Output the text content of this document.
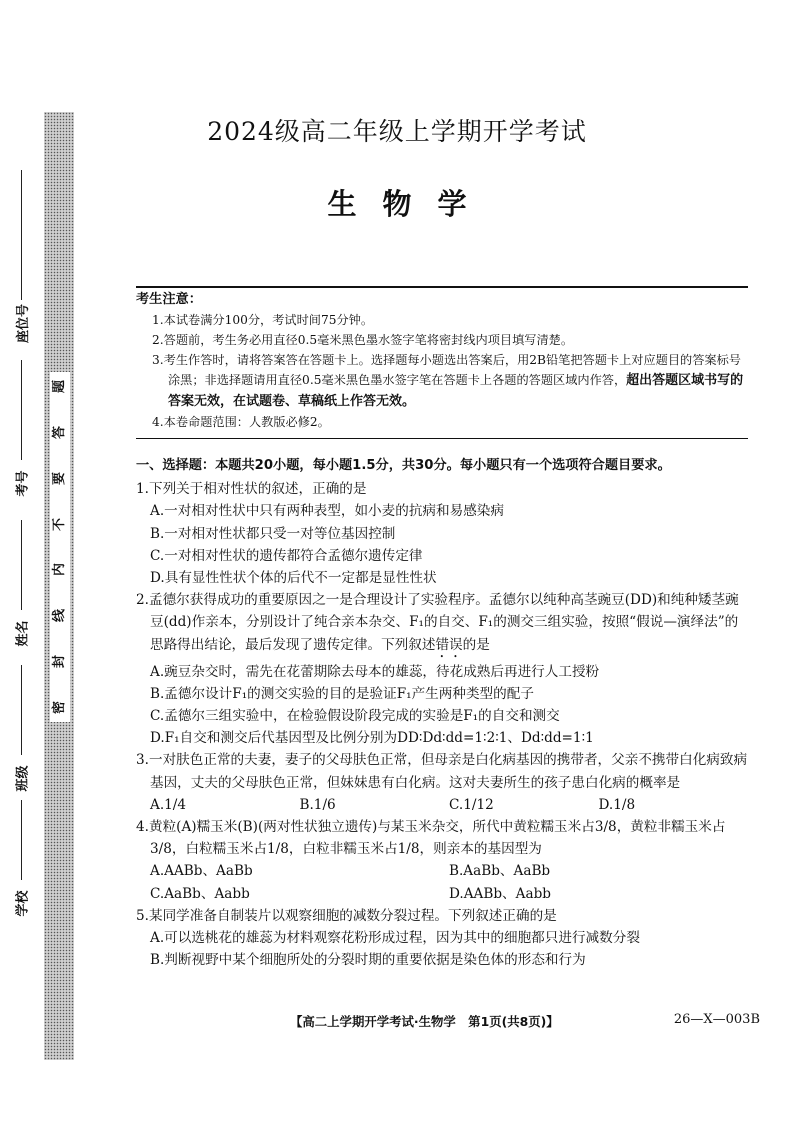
题
答
要
不
内
线
封
密
座位号
考号
姓名
班级
学校
2024级高二年级上学期开学考试
生物学
考生注意：
1.本试卷满分100分，考试时间75分钟。
2.答题前，考生务必用直径0.5毫米黑色墨水签字笔将密封线内项目填写清楚。
3.考生作答时，请将答案答在答题卡上。选择题每小题选出答案后，用2B铅笔把答题卡上对应题目的答案标号涂黑；非选择题请用直径0.5毫米黑色墨水签字笔在答题卡上各题的答题区域内作答，超出答题区域书写的答案无效，在试题卷、草稿纸上作答无效。
4.本卷命题范围：人教版必修2。
一、选择题：本题共20小题，每小题1.5分，共30分。每小题只有一个选项符合题目要求。
1.下列关于相对性状的叙述，正确的是
A.一对相对性状中只有两种表型，如小麦的抗病和易感染病
B.一对相对性状都只受一对等位基因控制
C.一对相对性状的遗传都符合孟德尔遗传定律
D.具有显性性状个体的后代不一定都是显性性状
2.孟德尔获得成功的重要原因之一是合理设计了实验程序。孟德尔以纯种高茎豌豆(DD)和纯种矮茎豌豆(dd)作亲本，分别设计了纯合亲本杂交、F₁的自交、F₁的测交三组实验，按照“假说—演绎法”的思路得出结论，最后发现了遗传定律。下列叙述错误的是
A.豌豆杂交时，需先在花蕾期除去母本的雄蕊，待花成熟后再进行人工授粉
B.孟德尔设计F₁的测交实验的目的是验证F₁产生两种类型的配子
C.孟德尔三组实验中，在检验假设阶段完成的实验是F₁的自交和测交
D.F₁自交和测交后代基因型及比例分别为DD∶Dd∶dd=1∶2∶1、Dd∶dd=1∶1
3.一对肤色正常的夫妻，妻子的父母肤色正常，但母亲是白化病基因的携带者，父亲不携带白化病致病基因，丈夫的父母肤色正常，但妹妹患有白化病。这对夫妻所生的孩子患白化病的概率是
A.1/4	B.1/6	C.1/12	D.1/8
4.黄粒(A)糯玉米(B)(两对性状独立遗传)与某玉米杂交，所代中黄粒糯玉米占3/8，黄粒非糯玉米占3/8，白粒糯玉米占1/8，白粒非糯玉米占1/8，则亲本的基因型为
A.AABb、AaBb	B.AaBb、AaBb
C.AaBb、Aabb	D.AABb、Aabb
5.某同学准备自制装片以观察细胞的减数分裂过程。下列叙述正确的是
A.可以选桃花的雄蕊为材料观察花粉形成过程，因为其中的细胞都只进行减数分裂
B.判断视野中某个细胞所处的分裂时期的重要依据是染色体的形态和行为
【高二上学期开学考试·生物学　第1页(共8页)】	26—X—003B
